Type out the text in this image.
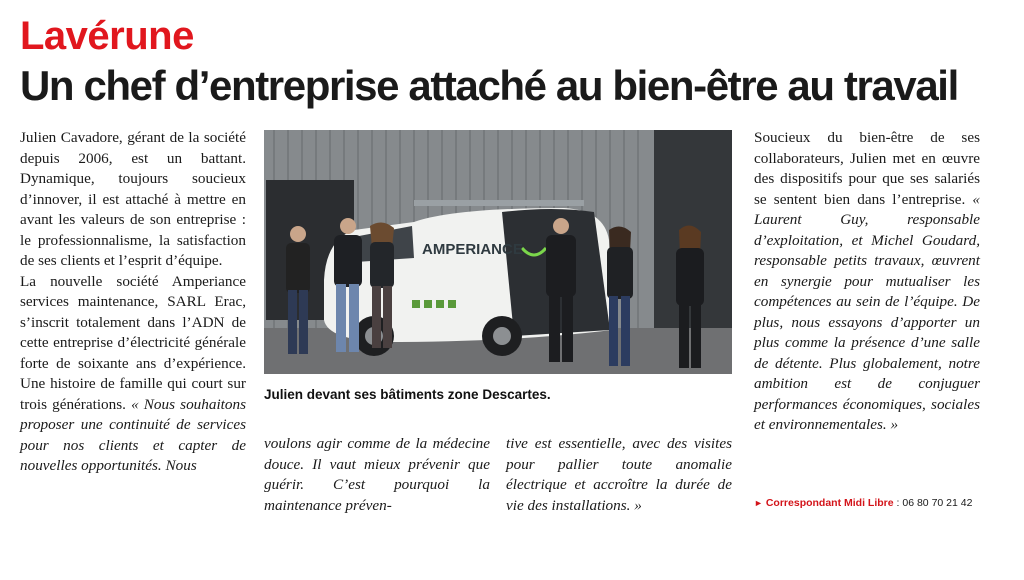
Lavérune
Un chef d’entreprise attaché au bien-être au travail

Julien Cavadore, gérant de la société depuis 2006, est un battant. Dynamique, toujours soucieux d’innover, il est attaché à mettre en avant les valeurs de son entreprise : le professionnalisme, la satisfaction de ses clients et l’esprit d’équipe.

La nouvelle société Amperiance services maintenance, SARL Erac, s’inscrit totalement dans l’ADN de cette entreprise d’électricité générale forte de soixante ans d’expérience. Une histoire de famille qui court sur trois générations. « Nous souhaitons proposer une continuité de services pour nos clients et capter de nouvelles opportunités. Nous

AMPERIANCE
Julien devant ses bâtiments zone Descartes.

voulons agir comme de la médecine douce. Il vaut mieux prévenir que guérir. C’est pourquoi la maintenance préven-

tive est essentielle, avec des visites pour pallier toute anomalie électrique et accroître la durée de vie des installations. »

Soucieux du bien-être de ses collaborateurs, Julien met en œuvre des dispositifs pour que ses salariés se sentent bien dans l’entreprise. « Laurent Guy, responsable d’exploitation, et Michel Goudard, responsable petits travaux, œuvrent en synergie pour mutualiser les compétences au sein de l’équipe. De plus, nous essayons d’apporter un plus comme la présence d’une salle de détente. Plus globalement, notre ambition est de conjuguer performances économiques, sociales et environnementales. »

► Correspondant Midi Libre : 06 80 70 21 42
